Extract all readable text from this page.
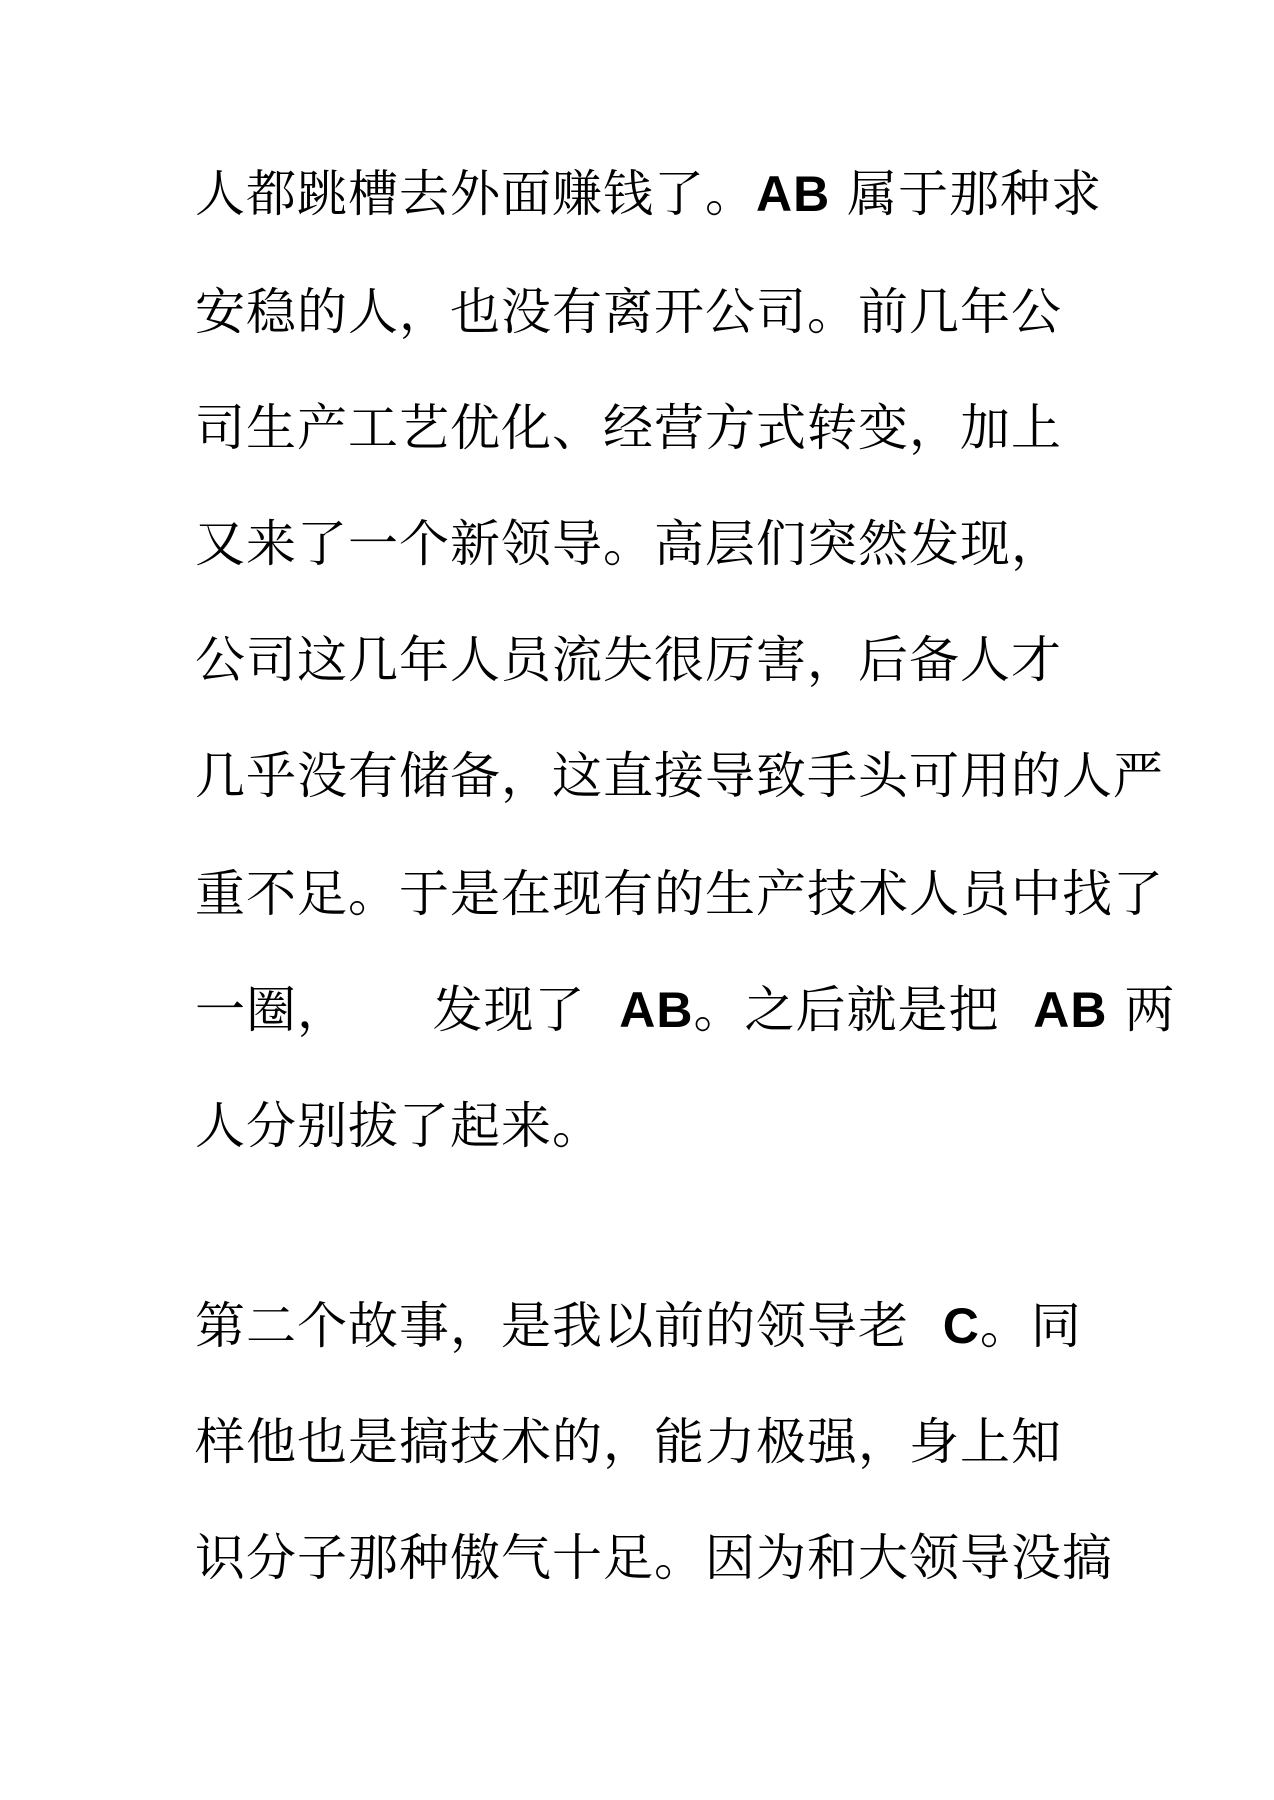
人都跳槽去外面赚钱了。AB 属于那种求
安稳的人，也没有离开公司。前几年公
司生产工艺优化、经营方式转变，加上
又来了一个新领导。高层们突然发现，
公司这几年人员流失很厉害，后备人才
几乎没有储备，这直接导致手头可用的人严
重不足。于是在现有的生产技术人员中找了
一圈，     发现了  AB。之后就是把  AB 两
人分别拔了起来。
第二个故事，是我以前的领导老  C。同
样他也是搞技术的，能力极强，身上知
识分子那种傲气十足。因为和大领导没搞
